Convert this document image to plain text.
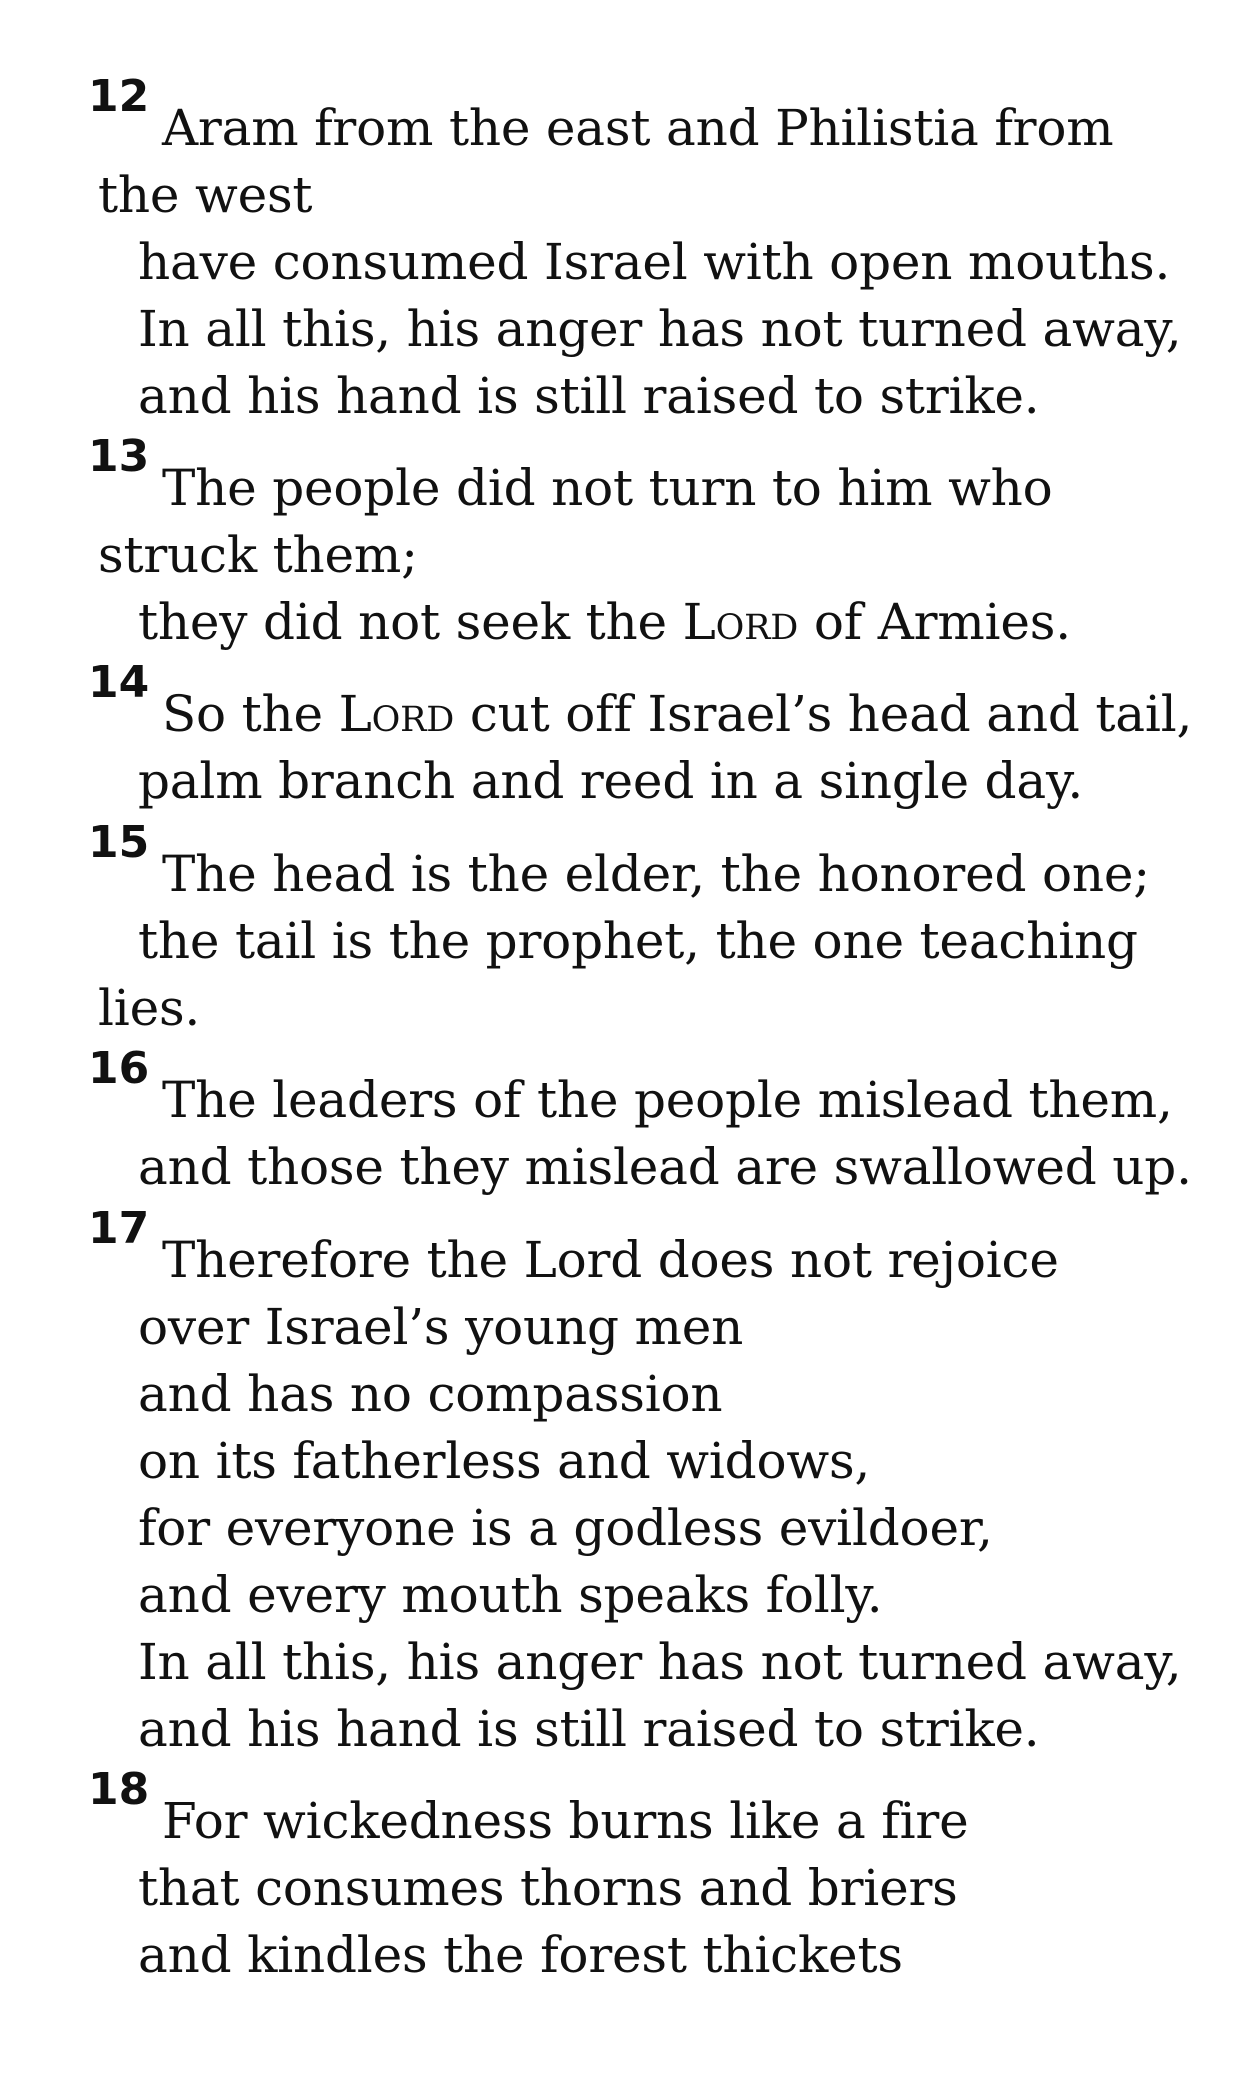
12
Aram from the east and Philistia from
the west
have consumed Israel with open mouths.
In all this, his anger has not turned away,
and his hand is still raised to strike.
13
The people did not turn to him who
struck them;
they did not seek the Lord of Armies.
14
So the Lord cut off Israel’s head and tail,
palm branch and reed in a single day.
15
The head is the elder, the honored one;
the tail is the prophet, the one teaching
lies.
16
The leaders of the people mislead them,
and those they mislead are swallowed up.
17
Therefore the Lord does not rejoice
over Israel’s young men
and has no compassion
on its fatherless and widows,
for everyone is a godless evildoer,
and every mouth speaks folly.
In all this, his anger has not turned away,
and his hand is still raised to strike.
18
For wickedness burns like a fire
that consumes thorns and briers
and kindles the forest thickets
